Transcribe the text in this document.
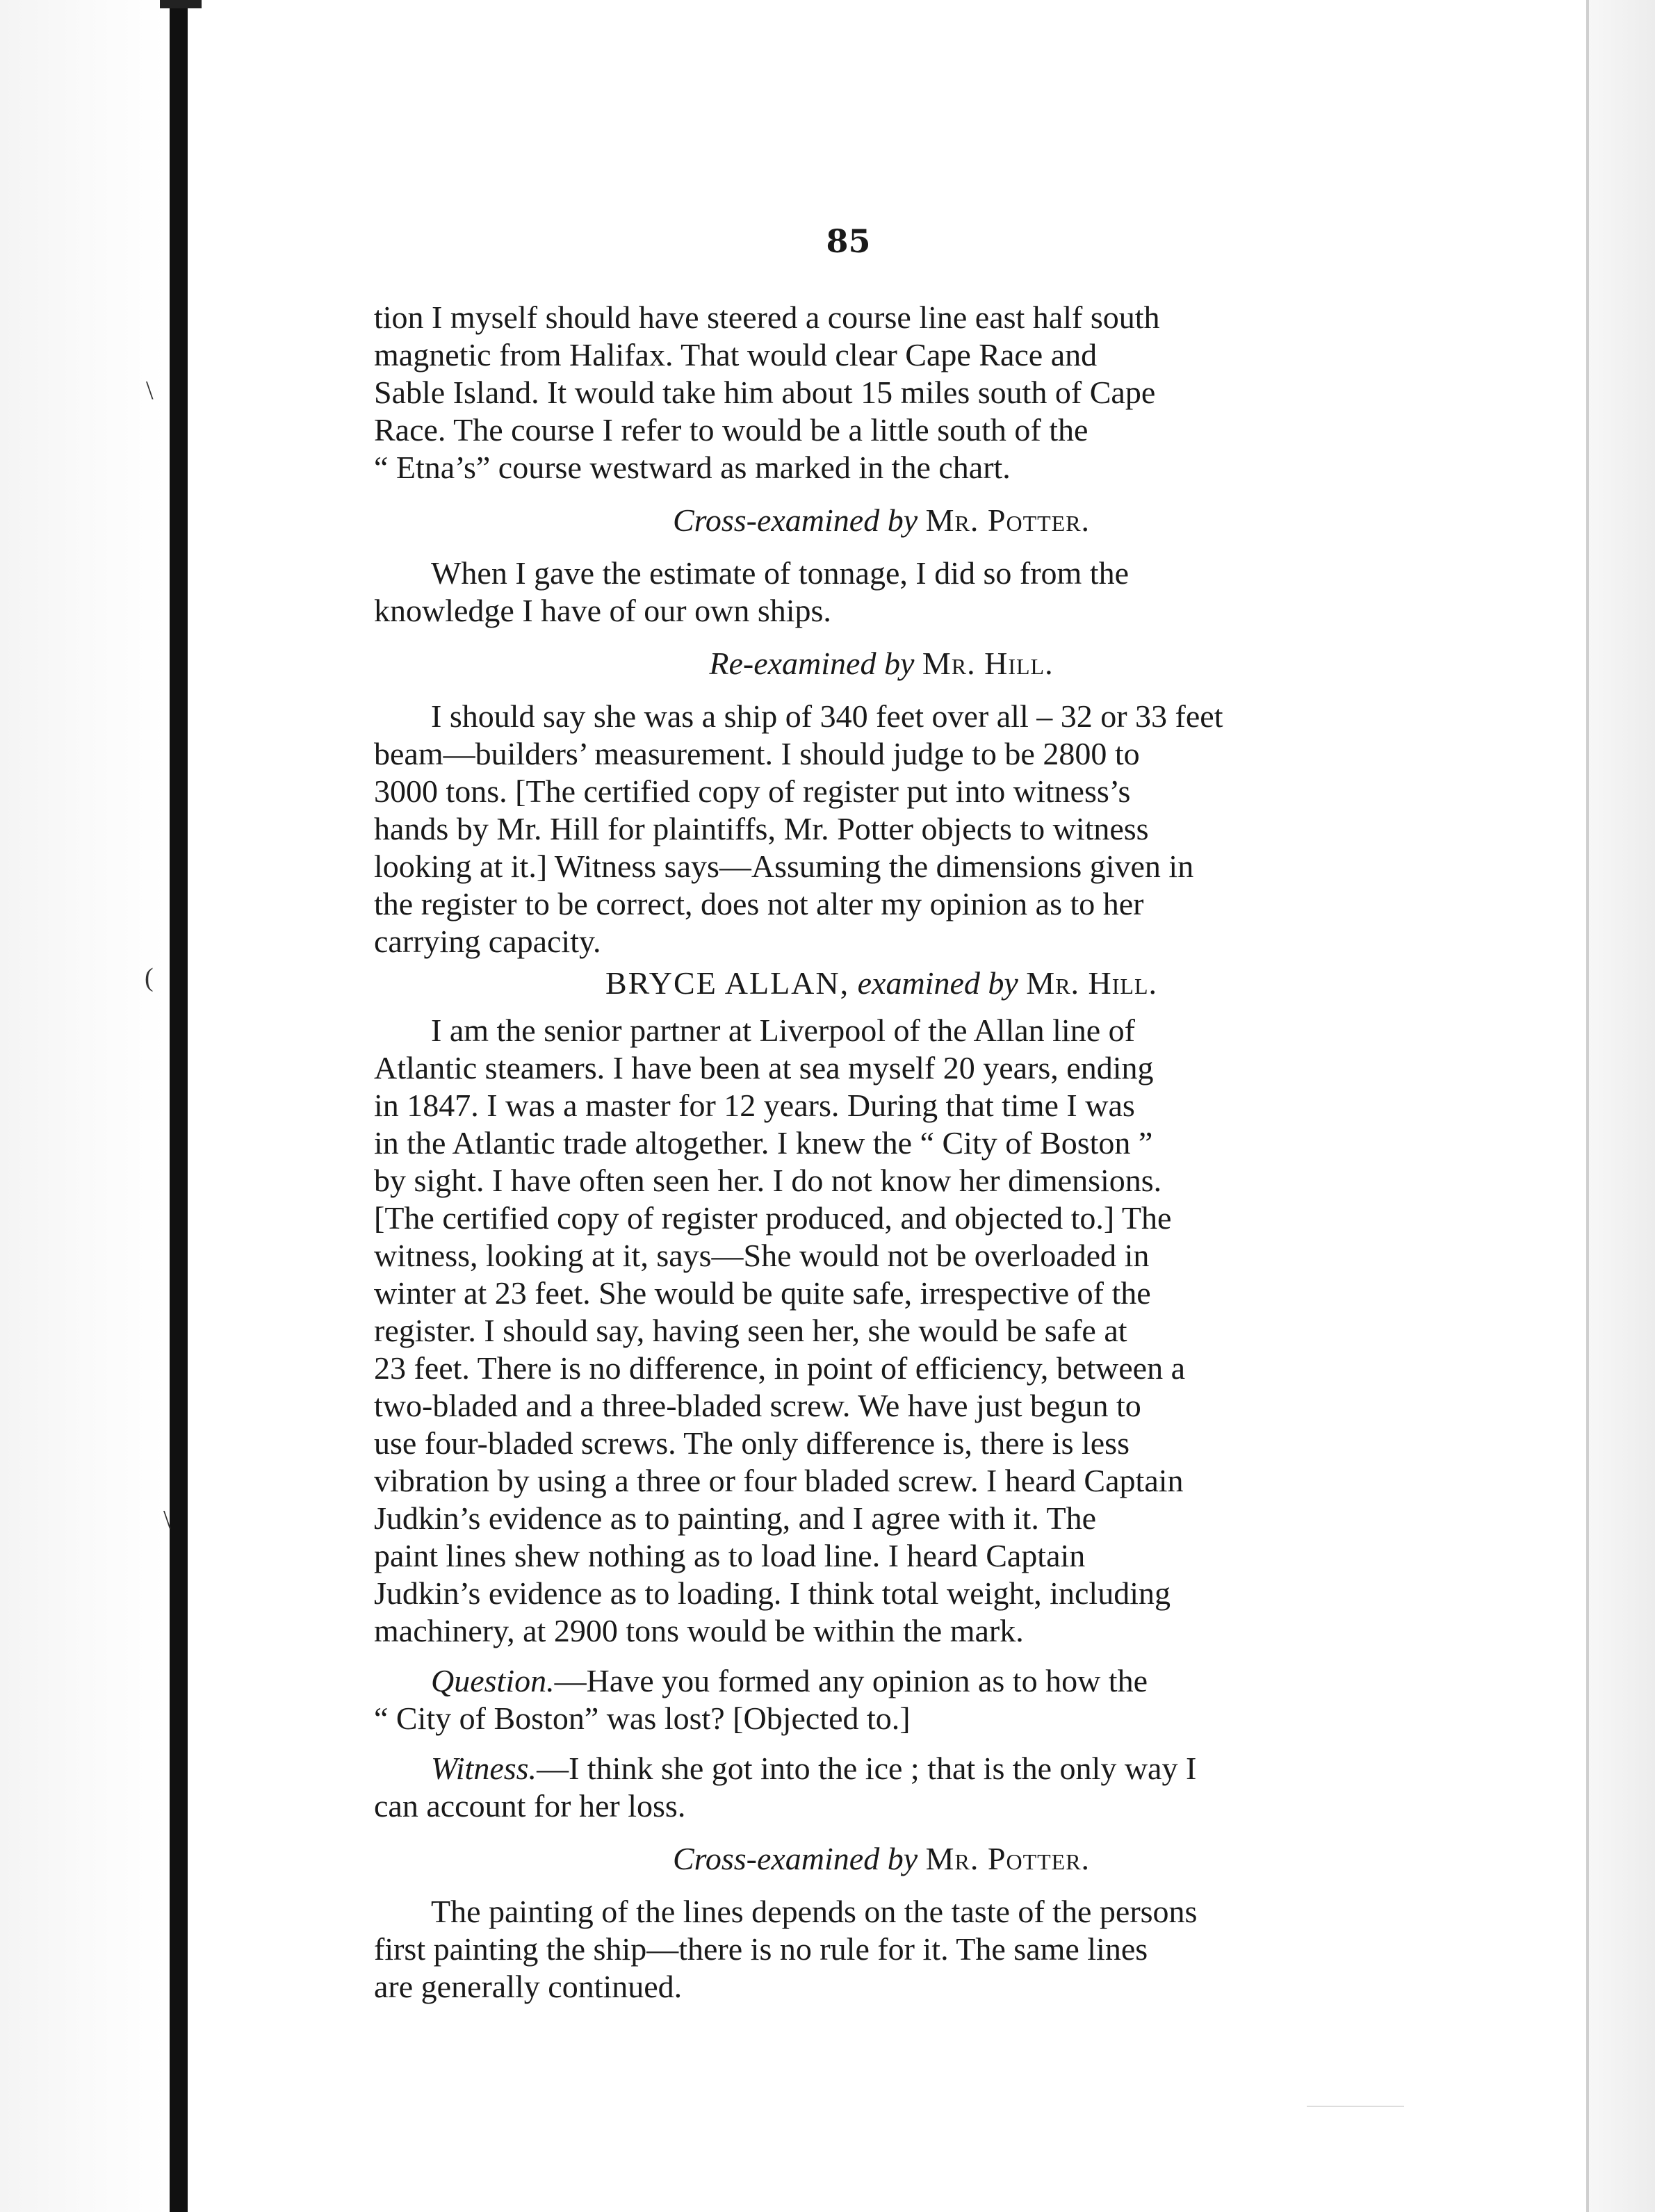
\
(
\
85

tion I myself should have steered a course line east half south
magnetic from Halifax. That would clear Cape Race and
Sable Island. It would take him about 15 miles south of Cape
Race. The course I refer to would be a little south of the
“ Etna’s” course westward as marked in the chart.

Cross-examined by Mr. Potter.

When I gave the estimate of tonnage, I did so from the
knowledge I have of our own ships.

Re-examined by Mr. Hill.

I should say she was a ship of 340 feet over all – 32 or 33 feet
beam—builders’ measurement. I should judge to be 2800 to
3000 tons. [The certified copy of register put into witness’s
hands by Mr. Hill for plaintiffs, Mr. Potter objects to witness
looking at it.] Witness says—Assuming the dimensions given in
the register to be correct, does not alter my opinion as to her
carrying capacity.

BRYCE ALLAN, examined by Mr. Hill.

I am the senior partner at Liverpool of the Allan line of
Atlantic steamers. I have been at sea myself 20 years, ending
in 1847. I was a master for 12 years. During that time I was
in the Atlantic trade altogether. I knew the “ City of Boston ”
by sight. I have often seen her. I do not know her dimensions.
[The certified copy of register produced, and objected to.] The
witness, looking at it, says—She would not be overloaded in
winter at 23 feet. She would be quite safe, irrespective of the
register. I should say, having seen her, she would be safe at
23 feet. There is no difference, in point of efficiency, between a
two-bladed and a three-bladed screw. We have just begun to
use four-bladed screws. The only difference is, there is less
vibration by using a three or four bladed screw. I heard Captain
Judkin’s evidence as to painting, and I agree with it. The
paint lines shew nothing as to load line. I heard Captain
Judkin’s evidence as to loading. I think total weight, including
machinery, at 2900 tons would be within the mark.

Question.—Have you formed any opinion as to how the
“ City of Boston” was lost? [Objected to.]

Witness.—I think she got into the ice ; that is the only way I
can account for her loss.

Cross-examined by Mr. Potter.

The painting of the lines depends on the taste of the persons
first painting the ship—there is no rule for it. The same lines
are generally continued.
